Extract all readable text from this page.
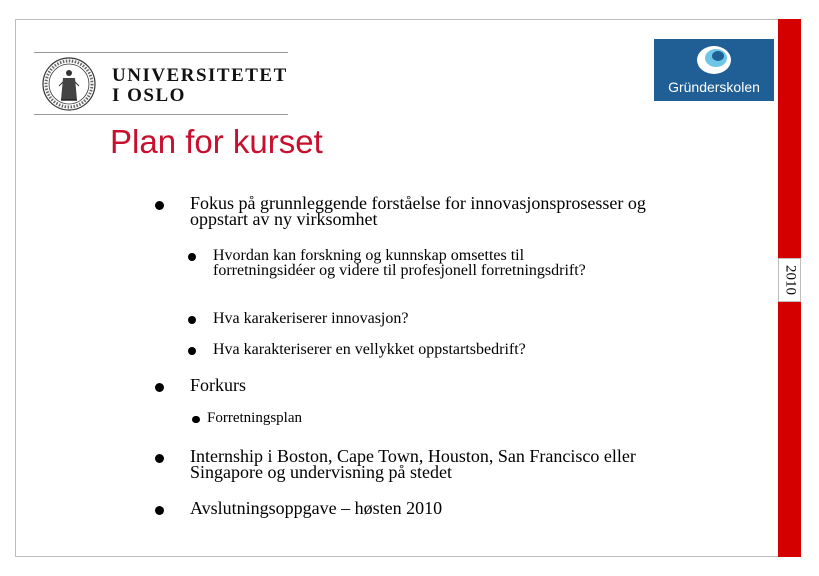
2010
UNIVERSITETET
I OSLO	Gründerskolen
Plan for kurset
Fokus på grunnleggende forståelse for innovasjonsprosesser og oppstart av ny virksomhet
Hvordan kan forskning og kunnskap omsettes til forretningsidéer og videre til profesjonell forretningsdrift?
Hva karakeriserer innovasjon?
Hva karakteriserer en vellykket oppstartsbedrift?
Forkurs
Forretningsplan
Internship i Boston, Cape Town, Houston, San Francisco eller Singapore og undervisning på stedet
Avslutningsoppgave – høsten 2010
